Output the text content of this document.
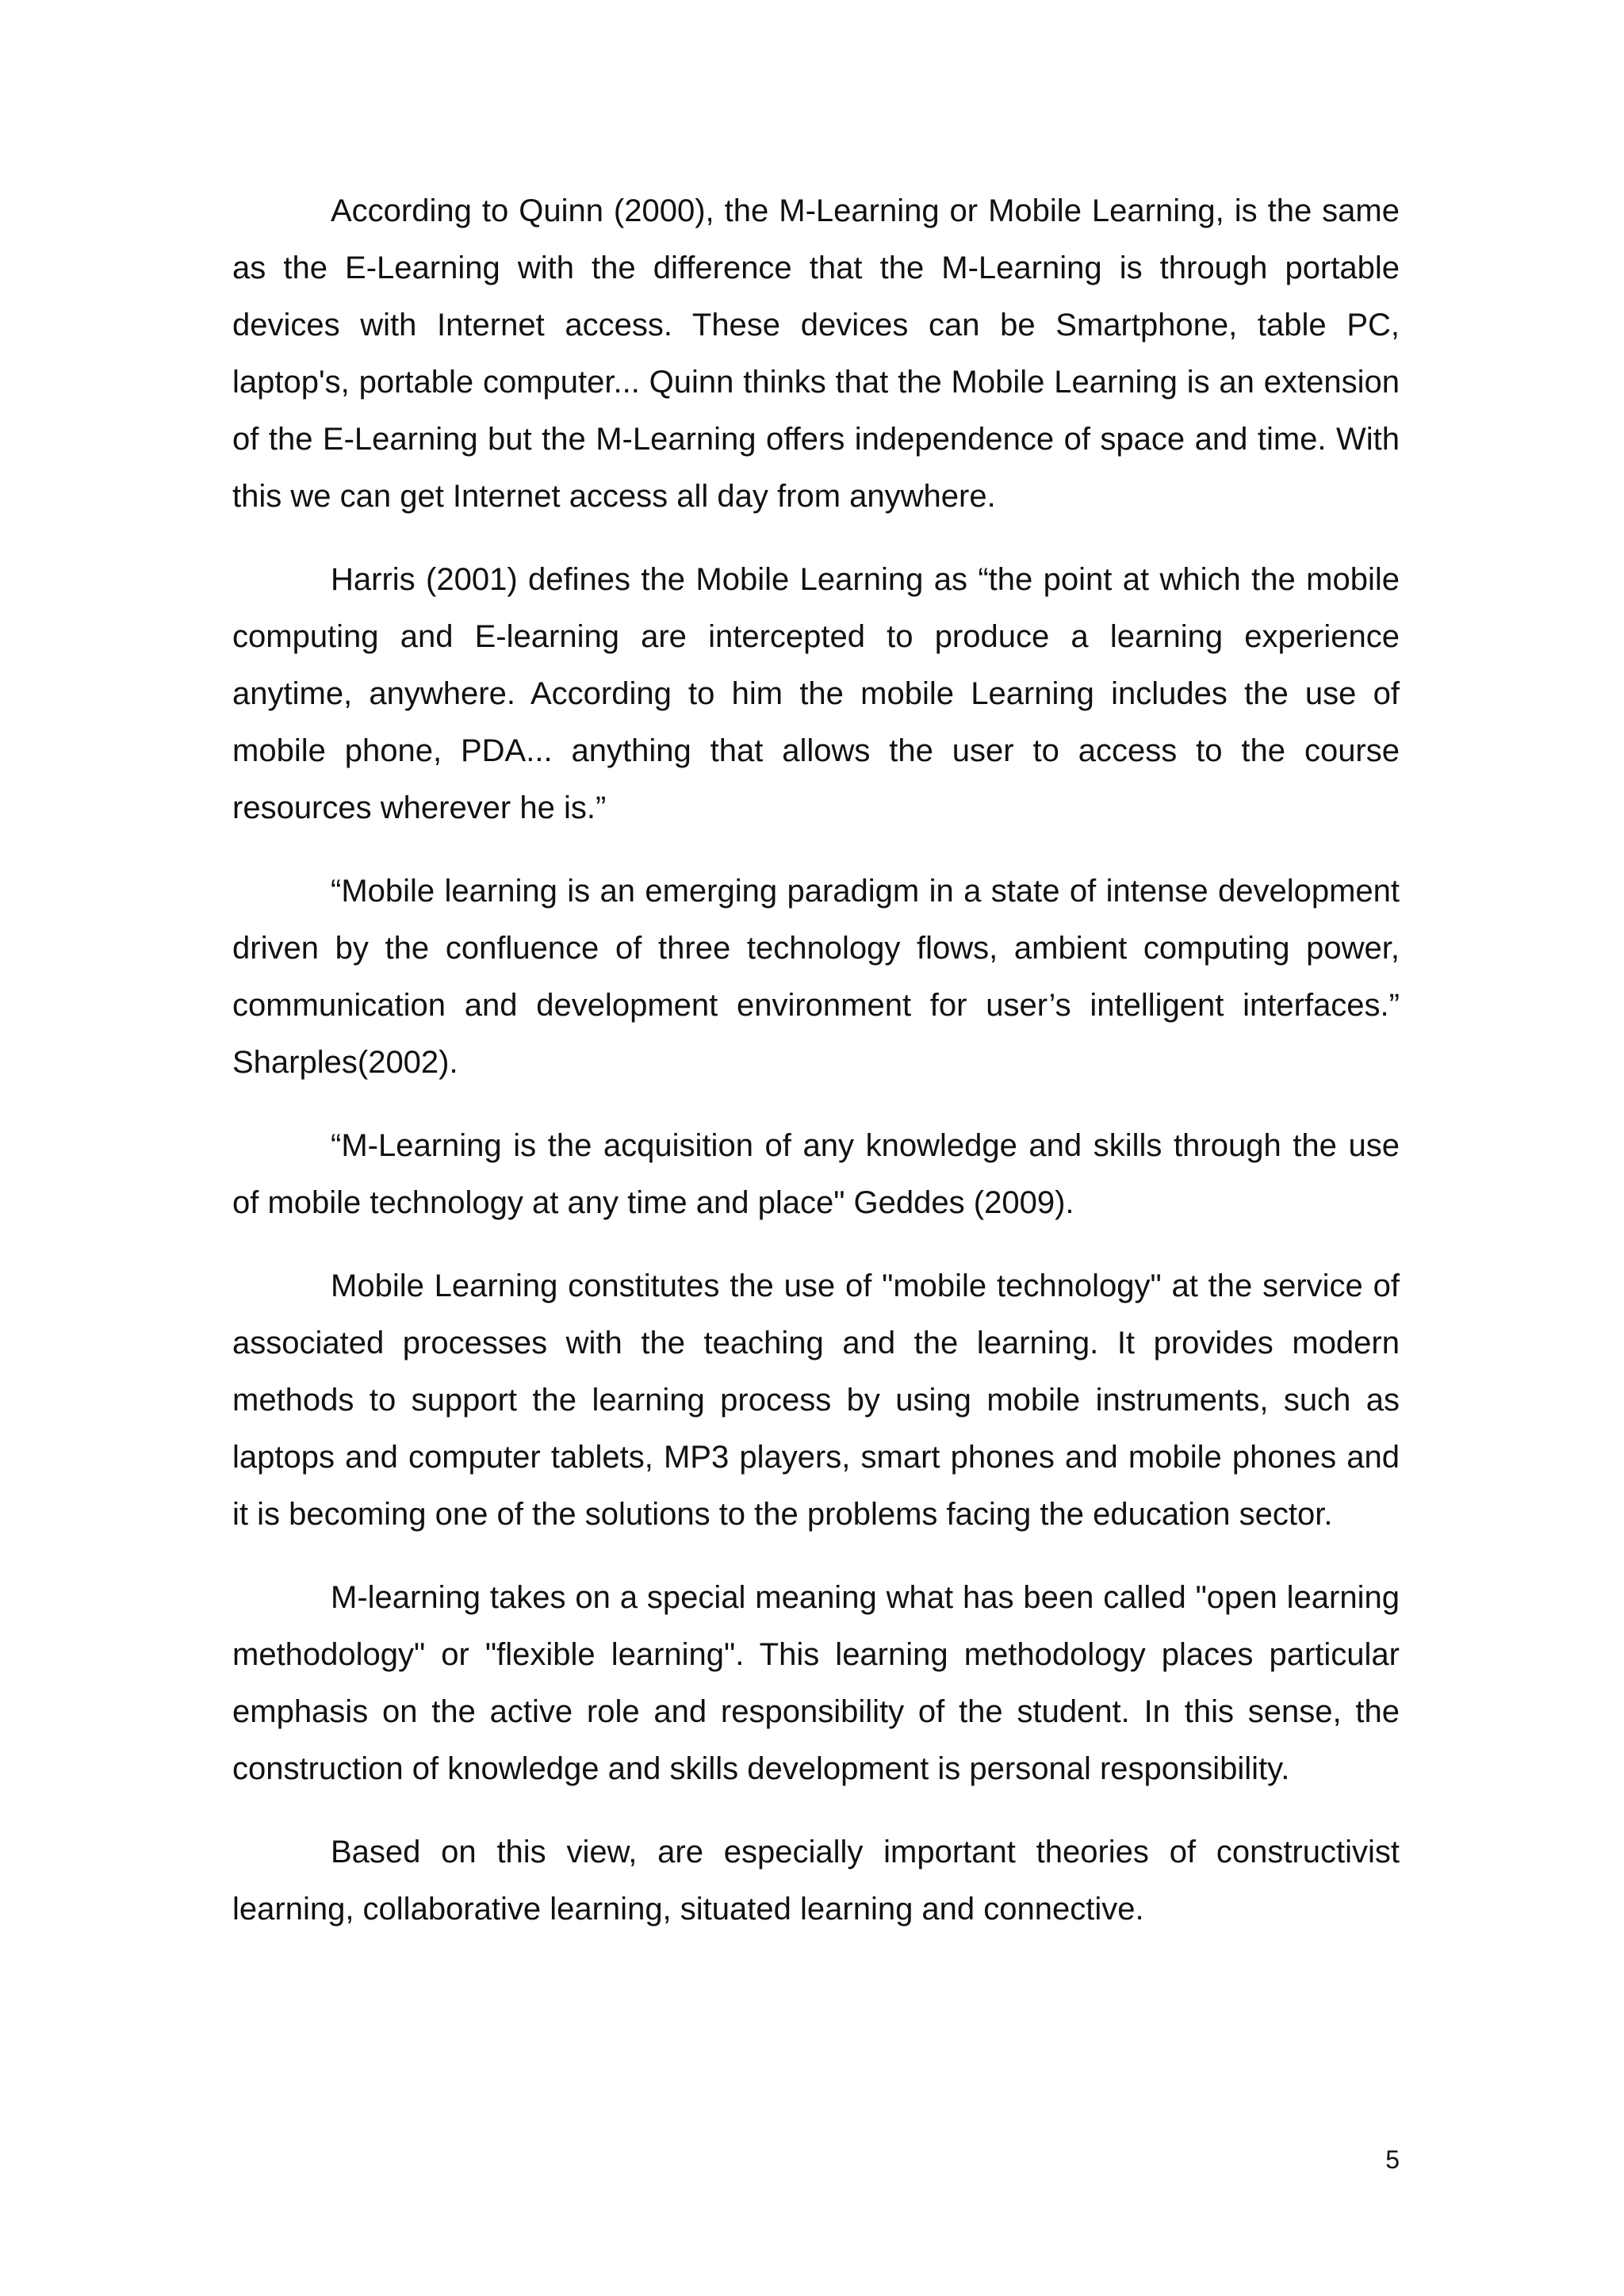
According to Quinn (2000), the M-Learning or Mobile Learning, is the same as the E-Learning with the difference that the M-Learning is through portable devices with Internet access. These devices can be Smartphone, table PC, laptop's, portable computer... Quinn thinks that the Mobile Learning is an extension of the E-Learning but the M-Learning offers independence of space and time. With this we can get Internet access all day from anywhere.

Harris (2001) defines the Mobile Learning as “the point at which the mobile computing and E-learning are intercepted to produce a learning experience anytime, anywhere. According to him the mobile Learning includes the use of mobile phone, PDA... anything that allows the user to access to the course resources wherever he is.”

“Mobile learning is an emerging paradigm in a state of intense development driven by the confluence of three technology flows, ambient computing power, communication and development environment for user’s intelligent interfaces.” Sharples(2002).

“M-Learning is the acquisition of any knowledge and skills through the use of mobile technology at any time and place" Geddes (2009).

Mobile Learning constitutes the use of "mobile technology" at the service of associated processes with the teaching and the learning. It provides modern methods to support the learning process by using mobile instruments, such as laptops and computer tablets, MP3 players, smart phones and mobile phones and it is becoming one of the solutions to the problems facing the education sector.

M-learning takes on a special meaning what has been called "open learning methodology" or "flexible learning". This learning methodology places particular emphasis on the active role and responsibility of the student. In this sense, the construction of knowledge and skills development is personal responsibility.

Based on this view, are especially important theories of constructivist learning, collaborative learning, situated learning and connective.

5
